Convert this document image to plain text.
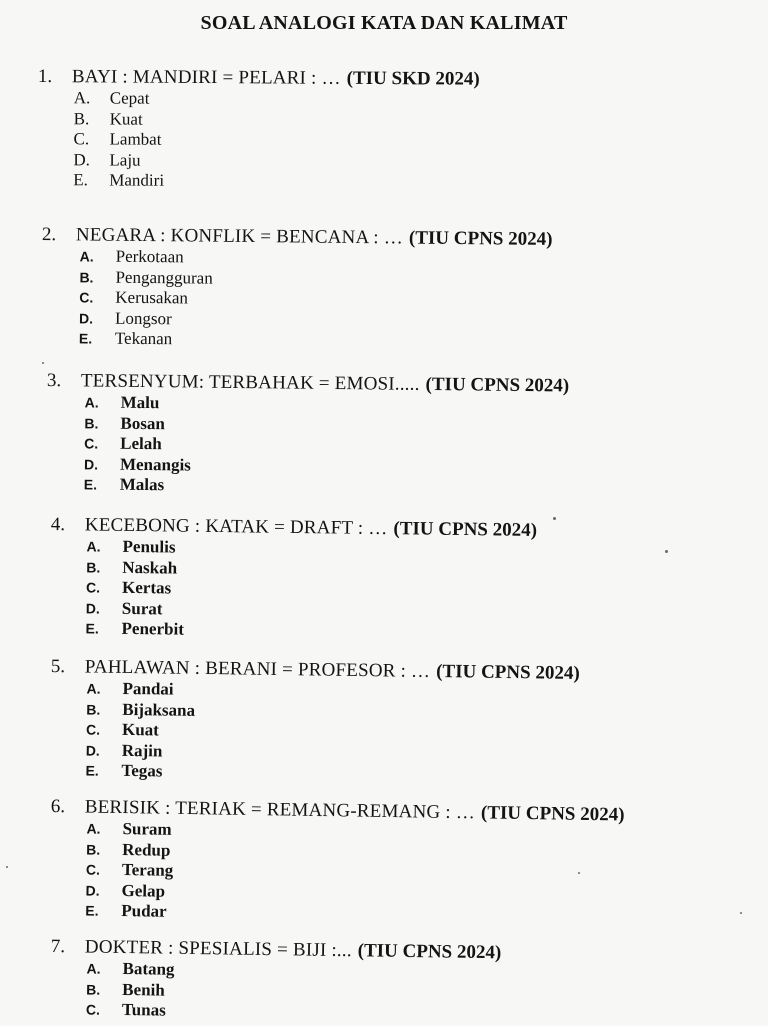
SOAL ANALOGI KATA DAN KALIMAT
1. BAYI : MANDIRI = PELARI : … (TIU SKD 2024)
A. Cepat
B. Kuat
C. Lambat
D. Laju
E. Mandiri
2. NEGARA : KONFLIK = BENCANA : … (TIU CPNS 2024)
A. Perkotaan
B. Pengangguran
C. Kerusakan
D. Longsor
E. Tekanan
3. TERSENYUM: TERBAHAK = EMOSI..... (TIU CPNS 2024)
A. Malu
B. Bosan
C. Lelah
D. Menangis
E. Malas
4. KECEBONG : KATAK = DRAFT : … (TIU CPNS 2024)
A. Penulis
B. Naskah
C. Kertas
D. Surat
E. Penerbit
5. PAHLAWAN : BERANI = PROFESOR : … (TIU CPNS 2024)
A. Pandai
B. Bijaksana
C. Kuat
D. Rajin
E. Tegas
6. BERISIK : TERIAK = REMANG-REMANG : … (TIU CPNS 2024)
A. Suram
B. Redup
C. Terang
D. Gelap
E. Pudar
7. DOKTER : SPESIALIS = BIJI :... (TIU CPNS 2024)
A. Batang
B. Benih
C. Tunas
